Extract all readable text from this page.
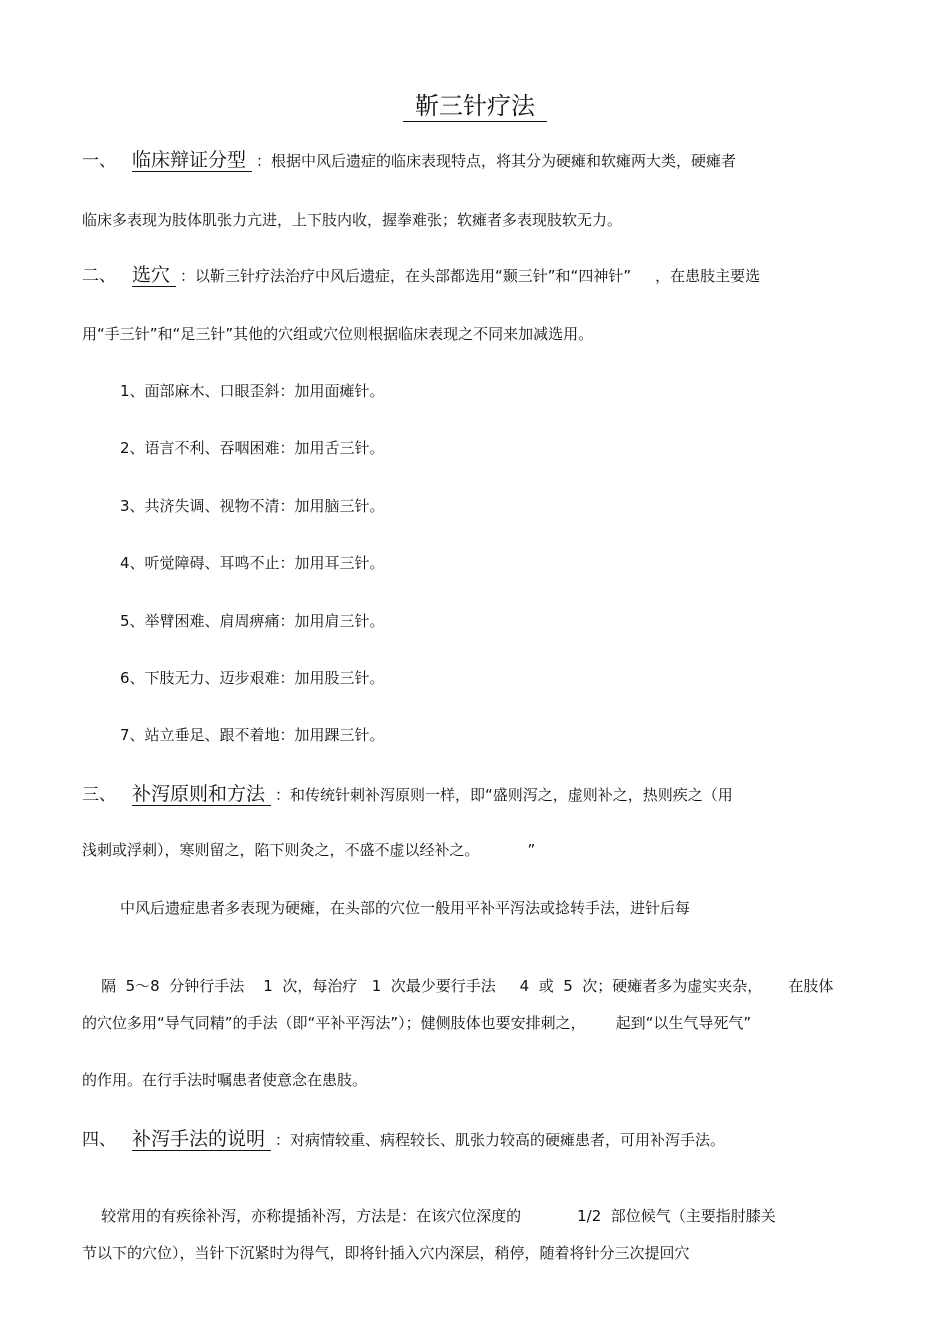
靳三针疗法
一、 临床辩证分型 ：根据中风后遗症的临床表现特点，将其分为硬瘫和软瘫两大类，硬瘫者
临床多表现为肢体肌张力亢进，上下肢内收，握拳难张；软瘫者多表现肢软无力。
二、 选穴 ：以靳三针疗法治疗中风后遗症，在头部都选用“颞三针”和“四神针” ，在患肢主要选
用“手三针”和“足三针”其他的穴组或穴位则根据临床表现之不同来加减选用。
1、面部麻木、口眼歪斜：加用面瘫针。
2、语言不利、吞咽困难：加用舌三针。
3、共济失调、视物不清：加用脑三针。
4、听觉障碍、耳鸣不止：加用耳三针。
5、举臂困难、肩周痹痛：加用肩三针。
6、下肢无力、迈步艰难：加用股三针。
7、站立垂足、跟不着地：加用踝三针。
三、 补泻原则和方法 ：和传统针刺补泻原则一样，即“盛则泻之，虚则补之，热则疾之（用
浅刺或浮刺），寒则留之，陷下则灸之，不盛不虚以经补之。	”
中风后遗症患者多表现为硬瘫，在头部的穴位一般用平补平泻法或捻转手法，进针后每

隔  5～8  分钟行手法    1  次，每治疗   1  次最少要行手法     4  或  5  次；硬瘫者多为虚实夹杂， 在肢体

的穴位多用“导气同精”的手法（即“平补平泻法”）；健侧肢体也要安排刺之， 起到“以生气导死气”
的作用。在行手法时嘱患者使意念在患肢。
四、 补泻手法的说明 ：对病情较重、病程较长、肌张力较高的硬瘫患者，可用补泻手法。

较常用的有疾徐补泻，亦称提插补泻，方法是：在该穴位深度的	1/2  部位候气（主要指肘膝关

节以下的穴位），当针下沉紧时为得气，即将针插入穴内深层，稍停，随着将针分三次提回穴
